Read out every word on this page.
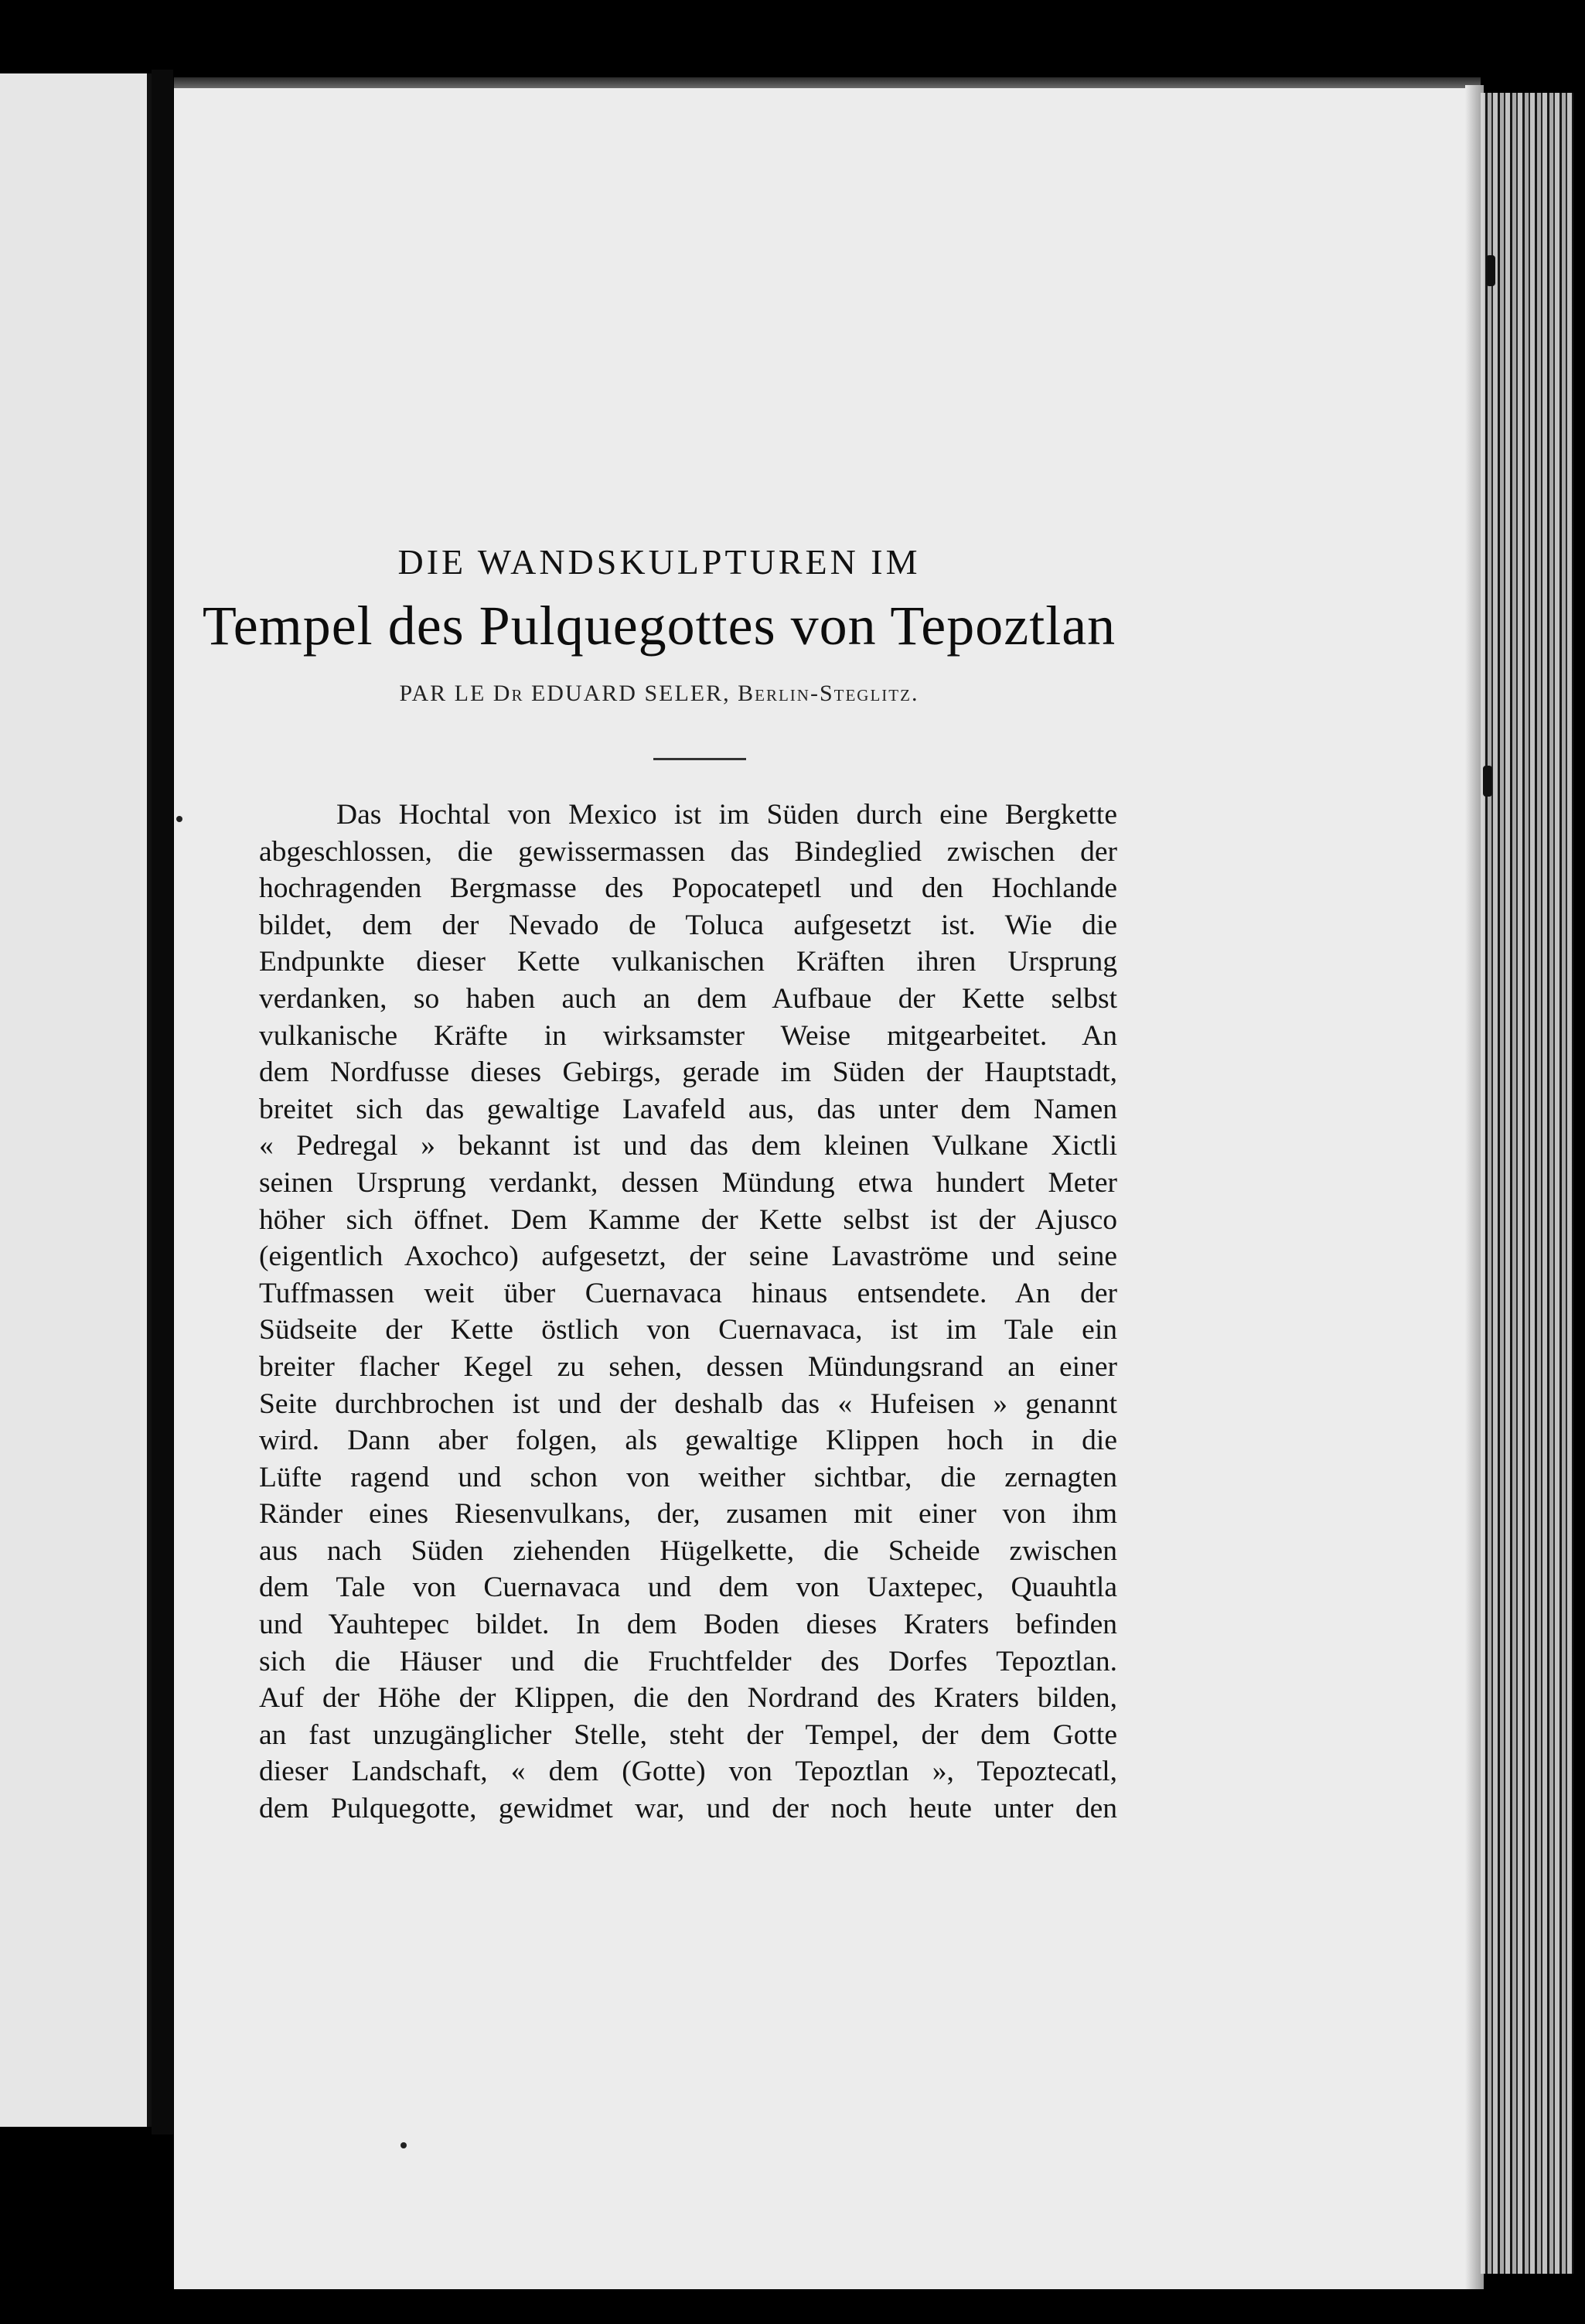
DIE WANDSKULPTUREN IM
Tempel des Pulquegottes von Tepoztlan
PAR LE Dr EDUARD SELER, Berlin-Steglitz.
Das Hochtal von Mexico ist im Süden durch eine Bergkette
abgeschlossen, die gewissermassen das Bindeglied zwischen der
hochragenden Bergmasse des Popocatepetl und den Hochlande
bildet, dem der Nevado de Toluca aufgesetzt ist. Wie die
Endpunkte dieser Kette vulkanischen Kräften ihren Ursprung
verdanken, so haben auch an dem Aufbaue der Kette selbst
vulkanische Kräfte in wirksamster Weise mitgearbeitet. An
dem Nordfusse dieses Gebirgs, gerade im Süden der Hauptstadt,
breitet sich das gewaltige Lavafeld aus, das unter dem Namen
« Pedregal » bekannt ist und das dem kleinen Vulkane Xictli
seinen Ursprung verdankt, dessen Mündung etwa hundert Meter
höher sich öffnet. Dem Kamme der Kette selbst ist der Ajusco
(eigentlich Axochco) aufgesetzt, der seine Lavaströme und seine
Tuffmassen weit über Cuernavaca hinaus entsendete. An der
Südseite der Kette östlich von Cuernavaca, ist im Tale ein
breiter flacher Kegel zu sehen, dessen Mündungsrand an einer
Seite durchbrochen ist und der deshalb das « Hufeisen » genannt
wird. Dann aber folgen, als gewaltige Klippen hoch in die
Lüfte ragend und schon von weither sichtbar, die zernagten
Ränder eines Riesenvulkans, der, zusamen mit einer von ihm
aus nach Süden ziehenden Hügelkette, die Scheide zwischen
dem Tale von Cuernavaca und dem von Uaxtepec, Quauhtla
und Yauhtepec bildet. In dem Boden dieses Kraters befinden
sich die Häuser und die Fruchtfelder des Dorfes Tepoztlan.
Auf der Höhe der Klippen, die den Nordrand des Kraters bilden,
an fast unzugänglicher Stelle, steht der Tempel, der dem Gotte
dieser Landschaft, « dem (Gotte) von Tepoztlan », Tepoztecatl,
dem Pulquegotte, gewidmet war, und der noch heute unter den
